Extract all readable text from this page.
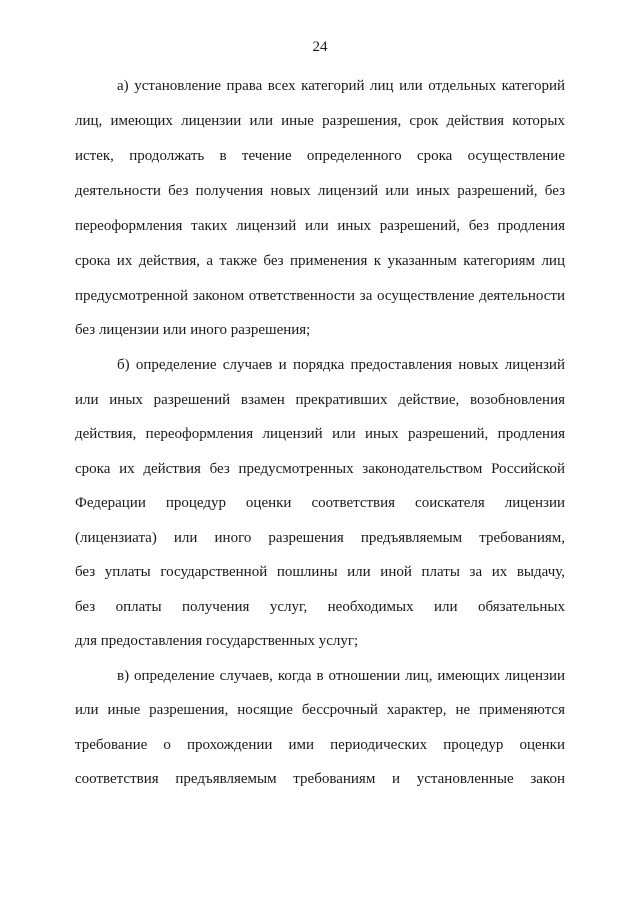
24
а) установление права всех категорий лиц или отдельных категорий
лиц, имеющих лицензии или иные разрешения, срок действия которых
истек, продолжать в течение определенного срока осуществление
деятельности без получения новых лицензий или иных разрешений, без
переоформления таких лицензий или иных разрешений, без продления
срока их действия, а также без применения к указанным категориям лиц
предусмотренной законом ответственности за осуществление деятельности
без лицензии или иного разрешения;
б) определение случаев и порядка предоставления новых лицензий
или иных разрешений взамен прекративших действие, возобновления
действия, переоформления лицензий или иных разрешений, продления
срока их действия без предусмотренных законодательством Российской
Федерации процедур оценки соответствия соискателя лицензии
(лицензиата) или иного разрешения предъявляемым требованиям,
без уплаты государственной пошлины или иной платы за их выдачу,
без оплаты получения услуг, необходимых или обязательных
для предоставления государственных услуг;
в) определение случаев, когда в отношении лиц, имеющих лицензии
или иные разрешения, носящие бессрочный характер, не применяются
требование о прохождении ими периодических процедур оценки
соответствия предъявляемым требованиям и установленные закон
